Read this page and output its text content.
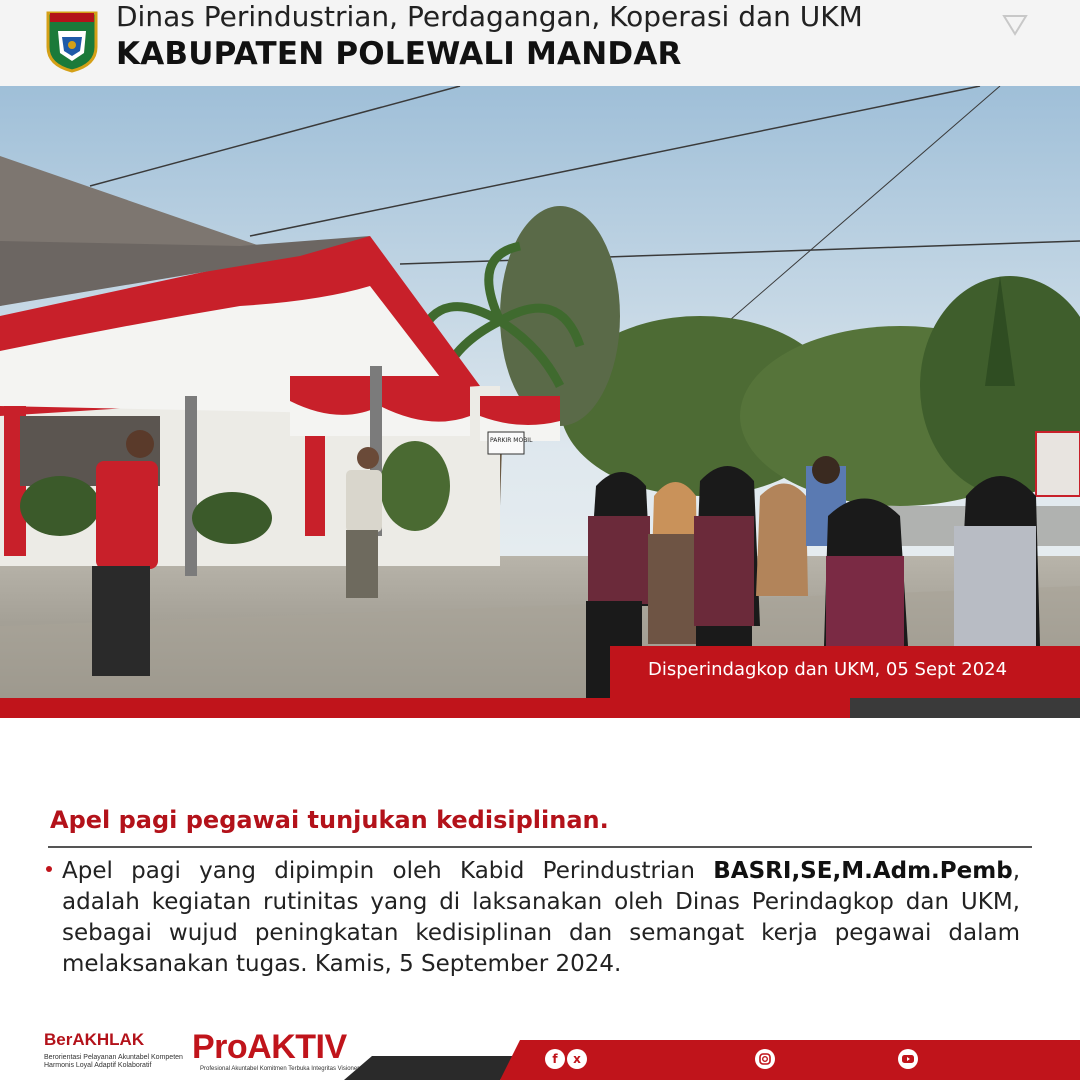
Dinas Perindustrian, Perdagangan, Koperasi dan UKM
KABUPATEN POLEWALI MANDAR
PARKIR MOBIL
Disperindagkop dan UKM, 05 Sept 2024
Apel pagi pegawai tunjukan kedisiplinan.
Apel pagi yang dipimpin oleh Kabid Perindustrian BASRI,SE,M.Adm.Pemb, adalah kegiatan rutinitas yang di laksanakan oleh Dinas Perindagkop dan UKM, sebagai wujud peningkatan kedisiplinan dan semangat kerja pegawai dalam melaksanakan tugas. Kamis, 5 September 2024.
BerAKHLAK
Berorientasi Pelayanan Akuntabel Kompeten Harmonis Loyal Adaptif Kolaboratif	ProAKTIV
Profesional Akuntabel Komitmen Terbuka Integritas Visioner
f	x
